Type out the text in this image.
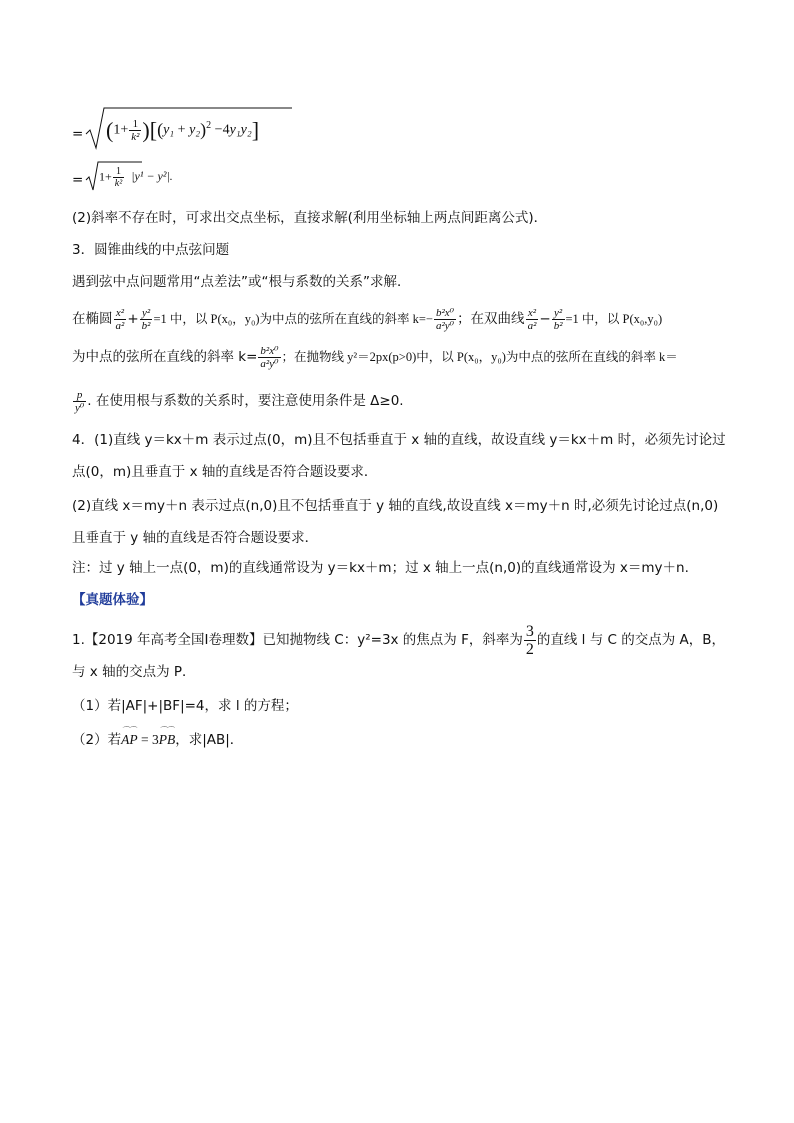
= $(1+ \frac{1}{\text{k²}} )[(y_1 + y_2)^2 -4y_1y_2]$
= $1+ \frac{1}{\text{k²}} |y^1 - y^2|$.
(2)斜率不存在时，可求出交点坐标，直接求解(利用坐标轴上两点间距离公式)．
3．圆锥曲线的中点弦问题
遇到弦中点问题常用“点差法”或“根与系数的关系”求解．
在椭圆 $\frac{\text{x²}}{\text{a²}} + \frac{\text{y²}}{\text{b²}} =1$ 中，以 P(x₀，y₀)为中点的弦所在直线的斜率 $k=- \frac{\text{b²x⁰}}{\text{a²y⁰}}$ ；在双曲线 $\frac{\text{x²}}{\text{a²}} - \frac{\text{y²}}{\text{b²}} =1$ 中，以 P(x₀,y₀)
为中点的弦所在直线的斜率 $k= \frac{\text{b²x⁰}}{\text{a²y⁰}}$ ；在抛物线 y²＝2px(p>0)中，以 P(x₀，y₀)为中点的弦所在直线的斜率 k＝
$\frac{p}{\text{y⁰}}$ . 在使用根与系数的关系时，要注意使用条件是 Δ≥0.
4．(1)直线 y＝kx＋m 表示过点(0，m)且不包括垂直于 x 轴的直线，故设直线 y＝kx＋m 时，必须先讨论过
点(0，m)且垂直于 x 轴的直线是否符合题设要求．
(2)直线 x＝my＋n 表示过点(n,0)且不包括垂直于 y 轴的直线,故设直线 x＝my＋n 时,必须先讨论过点(n,0)
且垂直于 y 轴的直线是否符合题设要求．
注：过 y 轴上一点(0，m)的直线通常设为 y＝kx＋m；过 x 轴上一点(n,0)的直线通常设为 x＝my＋n.
【真题体验】
1.【2019 年高考全国Ⅰ卷理数】已知抛物线 C：y²=3x 的焦点为 F，斜率为 $\frac{3}{2}$ 的直线 l 与 C 的交点为 A，B，
与 x 轴的交点为 P．
（1）若|AF|+|BF|=4，求 l 的方程；
（2）若⌒⌒ AP = 3⌒⌒ PB，求|AB|．
